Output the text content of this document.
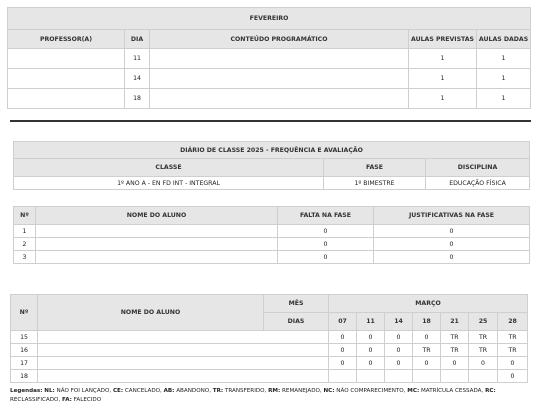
FEVEREIRO				
PROFESSOR(A)	DIA	CONTEÚDO PROGRAMÁTICO	AULAS PREVISTAS	AULAS DADAS
	11		1	1
	14		1	1
	18		1	1
DIÁRIO DE CLASSE 2025 - FREQUÊNCIA E AVALIAÇÃO		
CLASSE	FASE	DISCIPLINA
1º ANO A - EN FD INT - INTEGRAL	1º BIMESTRE	EDUCAÇÃO FÍSICA
Nº	NOME DO ALUNO	FALTA NA FASE	JUSTIFICATIVAS NA FASE
1		0	0
2		0	0
3		0	0
Nº	NOME DO ALUNO	MÊS	MARÇO						
		DIAS	07	11	14	18	21	25	28
15			0	0	0	0	TR	TR	TR
16			0	0	0	TR	TR	TR	TR
17			0	0	0	0	0	0	0
18									0
Legendas: NL: NÃO FOI LANÇADO, CE: CANCELADO, AB: ABANDONO, TR: TRANSFERIDO, RM: REMANEJADO, NC: NÃO COMPARECIMENTO, MC: MATRÍCULA CESSADA, RC: RECLASSIFICADO, FA: FALECIDO
